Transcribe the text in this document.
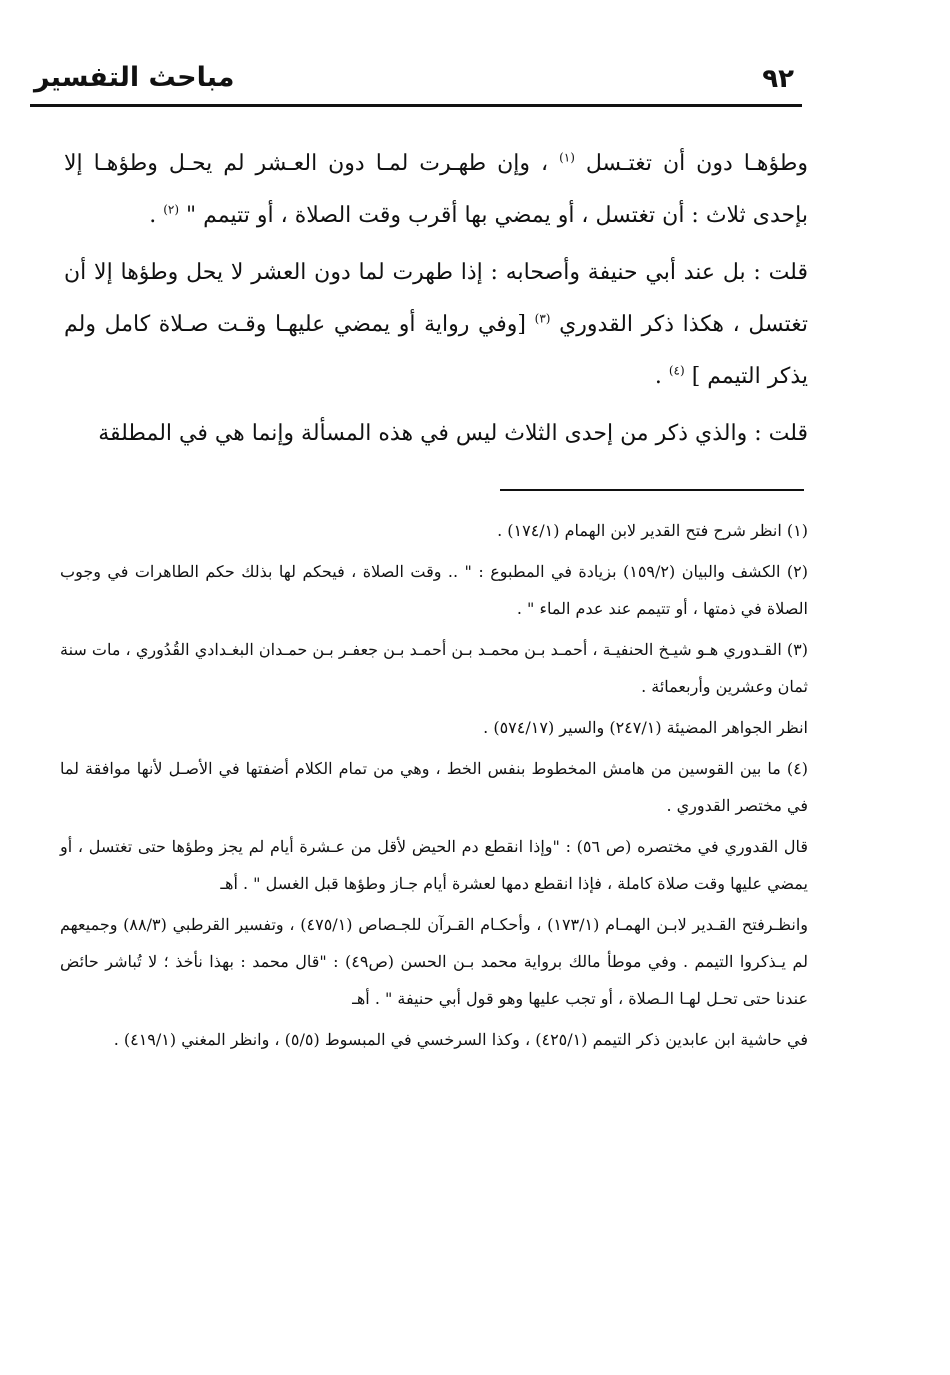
٩٢
مباحث التفسير

وطؤهـا دون أن تغتـسل $^{(١)}$ ، وإن طهـرت لمـا دون العـشر لم يحـل وطؤهـا إلا بإحدى ثلاث : أن تغتسل ، أو يمضي بها أقرب وقت الصلاة ، أو تتيمم " $^{(٢)}$ .

قلت : بل عند أبي حنيفة وأصحابه : إذا طهرت لما دون العشر لا يحل وطؤها إلا أن تغتسل ، هكذا ذكر القدوري $^{(٣)}$ [وفي رواية أو يمضي عليهـا وقـت صـلاة كامل ولم يذكر التيمم ] $^{(٤)}$ .

قلت : والذي ذكر من إحدى الثلاث ليس في هذه المسألة وإنما هي في المطلقة

(١) انظر شرح فتح القدير لابن الهمام (١٧٤/١) .
(٢) الكشف والبيان (١٥٩/٢) بزيادة في المطبوع : " .. وقت الصلاة ، فيحكم لها بذلك حكم الطاهرات في وجوب الصلاة في ذمتها ، أو تتيمم عند عدم الماء " .
(٣) القـدوري هـو شيـخ الحنفيـة ، أحمـد بـن محمـد بـن أحمـد بـن جعفـر بـن حمـدان البغـدادي القُدُوري ، مات سنة ثمان وعشرين وأربعمائة .
انظر الجواهر المضيئة (٢٤٧/١) والسير (٥٧٤/١٧) .
(٤) ما بين القوسين من هامش المخطوط بنفس الخط ، وهي من تمام الكلام أضفتها في الأصـل لأنها موافقة لما في مختصر القدوري .
قال القدوري في مختصره (ص ٥٦) : "وإذا انقطع دم الحيض لأقل من عـشرة أيام لم يجز وطؤها حتى تغتسل ، أو يمضي عليها وقت صلاة كاملة ، فإذا انقطع دمها لعشرة أيام جـاز وطؤها قبل الغسل " . أهـ
وانظـرفتح القـدير لابـن الهمـام (١٧٣/١) ، وأحكـام القـرآن للجـصاص (٤٧٥/١) ، وتفسير القرطبي (٨٨/٣) وجميعهم لم يـذكروا التيمم . وفي موطأ مالك برواية محمد بـن الحسن (ص٤٩) : "قال محمد : بهذا نأخذ ؛ لا تُباشر حائض عندنا حتى تحـل لهـا الـصلاة ، أو تجب عليها وهو قول أبي حنيفة " . أهـ
في حاشية ابن عابدين ذكر التيمم (٤٢٥/١) ، وكذا السرخسي في المبسوط (٥/٥) ، وانظر المغني (٤١٩/١) .
